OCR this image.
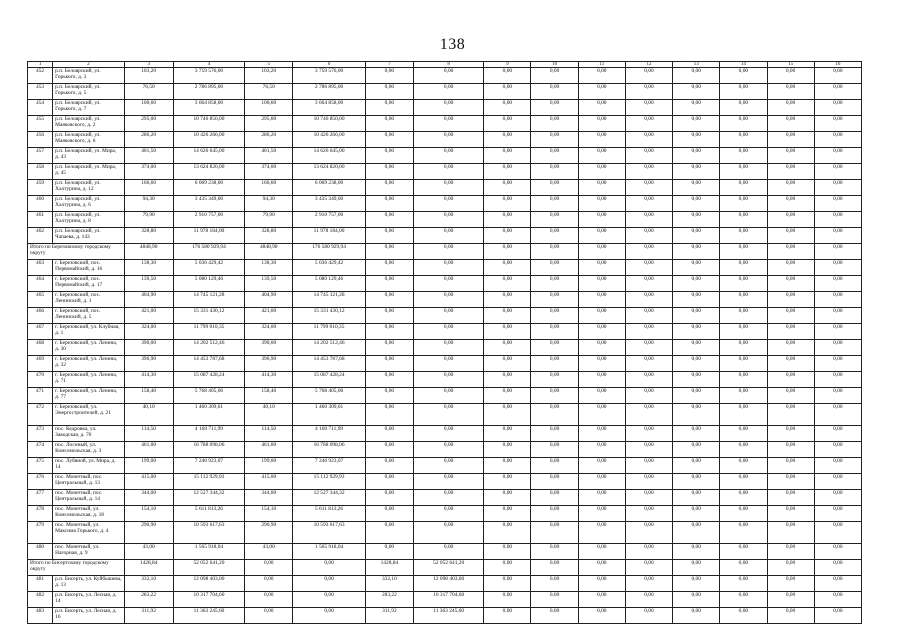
138
1	2	3	4	5	6	7	8	9	10	11	12	13	14	15	16
452	р.п. Белоярский, ул. Горького, д. 3	103,20	3 759 576,00	103,20	3 759 576,00	0,00	0,00	0,00	0,00	0,00	0,00	0,00	0,00	0,00	0,00
453	р.п. Белоярский, ул. Горького, д. 5	76,50	2 786 895,00	76,50	2 786 895,00	0,00	0,00	0,00	0,00	0,00	0,00	0,00	0,00	0,00	0,00
454	р.п. Белоярский, ул. Горького, д. 7	100,60	3 664 858,00	100,60	3 664 858,00	0,00	0,00	0,00	0,00	0,00	0,00	0,00	0,00	0,00	0,00
455	р.п. Белоярский, ул. Маяковского, д. 2	295,00	10 746 850,00	295,00	10 746 850,00	0,00	0,00	0,00	0,00	0,00	0,00	0,00	0,00	0,00	0,00
456	р.п. Белоярский, ул. Маяковского, д. 6	286,20	10 426 266,00	286,20	10 426 266,00	0,00	0,00	0,00	0,00	0,00	0,00	0,00	0,00	0,00	0,00
457	р.п. Белоярский, ул. Мира, д. 43	401,50	14 626 645,00	401,50	14 626 645,00	0,00	0,00	0,00	0,00	0,00	0,00	0,00	0,00	0,00	0,00
458	р.п. Белоярский, ул. Мира, д. 45	374,00	13 624 820,00	374,00	13 624 820,00	0,00	0,00	0,00	0,00	0,00	0,00	0,00	0,00	0,00	0,00
459	р.п. Белоярский, ул. Халтурина, д. 12	166,60	6 069 238,00	166,60	6 069 238,00	0,00	0,00	0,00	0,00	0,00	0,00	0,00	0,00	0,00	0,00
460	р.п. Белоярский, ул. Халтурина, д. 6	94,30	3 435 349,00	94,30	3 435 349,00	0,00	0,00	0,00	0,00	0,00	0,00	0,00	0,00	0,00	0,00
461	р.п. Белоярский, ул. Халтурина, д. 8	79,90	2 910 757,00	79,90	2 910 757,00	0,00	0,00	0,00	0,00	0,00	0,00	0,00	0,00	0,00	0,00
462	р.п. Белоярский, ул. Чапаева, д. 143	328,80	11 978 184,00	328,80	11 978 184,00	0,00	0,00	0,00	0,00	0,00	0,00	0,00	0,00	0,00	0,00
Итого по Березовскому городскому округу		4848,90	176 580 929,94	4848,90	176 580 929,94	0,00	0,00	0,00	0,00	0,00	0,00	0,00	0,00	0,00	0,00
463	г. Березовский, пос. Первомайский, д. 16	138,30	5 036 429,42	138,30	5 036 429,42	0,00	0,00	0,00	0,00	0,00	0,00	0,00	0,00	0,00	0,00
464	г. Березовский, пос. Первомайский, д. 17	139,50	5 080 129,46	139,50	5 080 129,46	0,00	0,00	0,00	0,00	0,00	0,00	0,00	0,00	0,00	0,00
465	г. Березовский, пос. Ленинский, д. 1	404,90	14 745 121,28	404,90	14 745 121,28	0,00	0,00	0,00	0,00	0,00	0,00	0,00	0,00	0,00	0,00
466	г. Березовский, пос. Ленинский, д. 5	421,00	15 331 430,12	421,00	15 331 430,12	0,00	0,00	0,00	0,00	0,00	0,00	0,00	0,00	0,00	0,00
467	г. Березовский, ул. Клубная, д. 1	324,00	11 799 010,35	324,00	11 799 010,35	0,00	0,00	0,00	0,00	0,00	0,00	0,00	0,00	0,00	0,00
468	г. Березовский, ул. Ленина, д. 30	390,00	14 202 512,46	390,00	14 202 512,46	0,00	0,00	0,00	0,00	0,00	0,00	0,00	0,00	0,00	0,00
469	г. Березовский, ул. Ленина, д. 32	396,90	14 453 787,68	396,90	14 453 787,68	0,00	0,00	0,00	0,00	0,00	0,00	0,00	0,00	0,00	0,00
470	г. Березовский, ул. Ленина, д. 71	414,30	15 087 428,24	414,30	15 087 428,24	0,00	0,00	0,00	0,00	0,00	0,00	0,00	0,00	0,00	0,00
471	г. Березовский, ул. Ленина, д. 77	158,40	5 768 405,06	158,40	5 768 405,06	0,00	0,00	0,00	0,00	0,00	0,00	0,00	0,00	0,00	0,00
472	г. Березовский, ул. Энергостроителей, д. 21	40,10	1 460 309,61	40,10	1 460 309,61	0,00	0,00	0,00	0,00	0,00	0,00	0,00	0,00	0,00	0,00
473	пос. Кедровка, ул. Заводская, д. 70	114,50	4 169 711,99	114,50	4 169 711,99	0,00	0,00	0,00	0,00	0,00	0,00	0,00	0,00	0,00	0,00
474	пос. Лосиный, ул. Комсомольская, д. 3	461,00	16 788 098,06	461,00	16 788 098,06	0,00	0,00	0,00	0,00	0,00	0,00	0,00	0,00	0,00	0,00
475	пос. Лубяной, ул. Мира, д. 14	199,00	7 246 923,07	199,00	7 246 923,07	0,00	0,00	0,00	0,00	0,00	0,00	0,00	0,00	0,00	0,00
476	пос. Монетный, пос. Центральный, д. 13	415,00	15 112 929,93	415,00	15 112 929,93	0,00	0,00	0,00	0,00	0,00	0,00	0,00	0,00	0,00	0,00
477	пос. Монетный, пос. Центральный, д. 14	344,00	12 527 344,32	344,00	12 527 344,32	0,00	0,00	0,00	0,00	0,00	0,00	0,00	0,00	0,00	0,00
478	пос. Монетный, ул. Комсомольская, д. 18	154,10	5 611 813,26	154,10	5 611 813,26	0,00	0,00	0,00	0,00	0,00	0,00	0,00	0,00	0,00	0,00
479	пос. Монетный, ул. Максима Горького, д. 4	290,90	10 593 617,63	290,90	10 593 617,63	0,00	0,00	0,00	0,00	0,00	0,00	0,00	0,00	0,00	0,00
480	пос. Монетный, ул. Нагорная, д. 9	43,00	1 565 918,04	43,00	1 565 918,04	0,00	0,00	0,00	0,00	0,00	0,00	0,00	0,00	0,00	0,00
Итого по Бисертскому городскому округу		1428,84	52 052 641,20	0,00	0,00	1428,84	52 052 641,20	0,00	0,00	0,00	0,00	0,00	0,00	0,00	0,00
481	р.п. Бисерть, ул. Куйбышева, д. 13	332,10	12 098 403,00	0,00	0,00	332,10	12 098 403,00	0,00	0,00	0,00	0,00	0,00	0,00	0,00	0,00
482	р.п. Бисерть, ул. Лесная, д. 14	283,22	10 317 704,60	0,00	0,00	283,22	10 317 704,60	0,00	0,00	0,00	0,00	0,00	0,00	0,00	0,00
483	р.п. Бисерть, ул. Лесная, д. 16	311,92	11 363 245,60	0,00	0,00	311,92	11 363 245,60	0,00	0,00	0,00	0,00	0,00	0,00	0,00	0,00
